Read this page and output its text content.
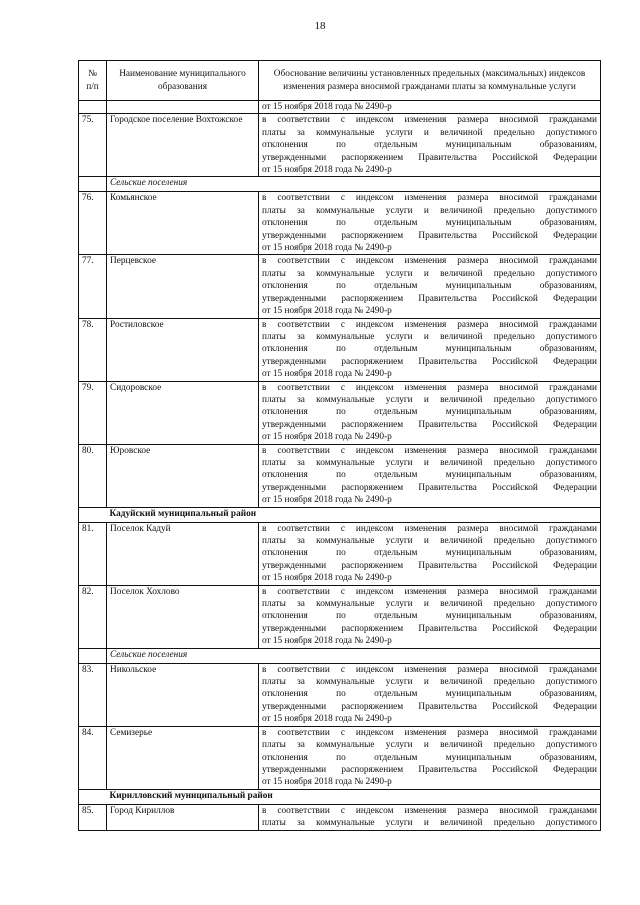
18
№
п/п	Наименование муниципального образования	Обоснование величины установленных предельных (максимальных) индексов изменения размера вносимой гражданами платы за коммунальные услуги
		от 15 ноября 2018 года № 2490-р
75.	Городское поселение Вохтожское	в соответствии с индексом изменения размера вносимой гражданами
платы за коммунальные услуги и величиной предельно допустимого
отклонения по отдельным муниципальным образованиям,
утвержденными распоряжением Правительства Российской Федерации
от 15 ноября 2018 года № 2490-р

	Сельские поселения	
76.	Комьянское	в соответствии с индексом изменения размера вносимой гражданами
платы за коммунальные услуги и величиной предельно допустимого
отклонения по отдельным муниципальным образованиям,
утвержденными распоряжением Правительства Российской Федерации
от 15 ноября 2018 года № 2490-р

77.	Перцевское	в соответствии с индексом изменения размера вносимой гражданами
платы за коммунальные услуги и величиной предельно допустимого
отклонения по отдельным муниципальным образованиям,
утвержденными распоряжением Правительства Российской Федерации
от 15 ноября 2018 года № 2490-р

78.	Ростиловское	в соответствии с индексом изменения размера вносимой гражданами
платы за коммунальные услуги и величиной предельно допустимого
отклонения по отдельным муниципальным образованиям,
утвержденными распоряжением Правительства Российской Федерации
от 15 ноября 2018 года № 2490-р

79.	Сидоровское	в соответствии с индексом изменения размера вносимой гражданами
платы за коммунальные услуги и величиной предельно допустимого
отклонения по отдельным муниципальным образованиям,
утвержденными распоряжением Правительства Российской Федерации
от 15 ноября 2018 года № 2490-р

80.	Юровское	в соответствии с индексом изменения размера вносимой гражданами
платы за коммунальные услуги и величиной предельно допустимого
отклонения по отдельным муниципальным образованиям,
утвержденными распоряжением Правительства Российской Федерации
от 15 ноября 2018 года № 2490-р

	Кадуйский муниципальный район	
81.	Поселок Кадуй	в соответствии с индексом изменения размера вносимой гражданами
платы за коммунальные услуги и величиной предельно допустимого
отклонения по отдельным муниципальным образованиям,
утвержденными распоряжением Правительства Российской Федерации
от 15 ноября 2018 года № 2490-р

82.	Поселок Хохлово	в соответствии с индексом изменения размера вносимой гражданами
платы за коммунальные услуги и величиной предельно допустимого
отклонения по отдельным муниципальным образованиям,
утвержденными распоряжением Правительства Российской Федерации
от 15 ноября 2018 года № 2490-р

	Сельские поселения	
83.	Никольское	в соответствии с индексом изменения размера вносимой гражданами
платы за коммунальные услуги и величиной предельно допустимого
отклонения по отдельным муниципальным образованиям,
утвержденными распоряжением Правительства Российской Федерации
от 15 ноября 2018 года № 2490-р

84.	Семизерье	в соответствии с индексом изменения размера вносимой гражданами
платы за коммунальные услуги и величиной предельно допустимого
отклонения по отдельным муниципальным образованиям,
утвержденными распоряжением Правительства Российской Федерации
от 15 ноября 2018 года № 2490-р

	Кирилловский муниципальный район	
85.	Город Кириллов	в соответствии с индексом изменения размера вносимой гражданами
платы за коммунальные услуги и величиной предельно допустимого
